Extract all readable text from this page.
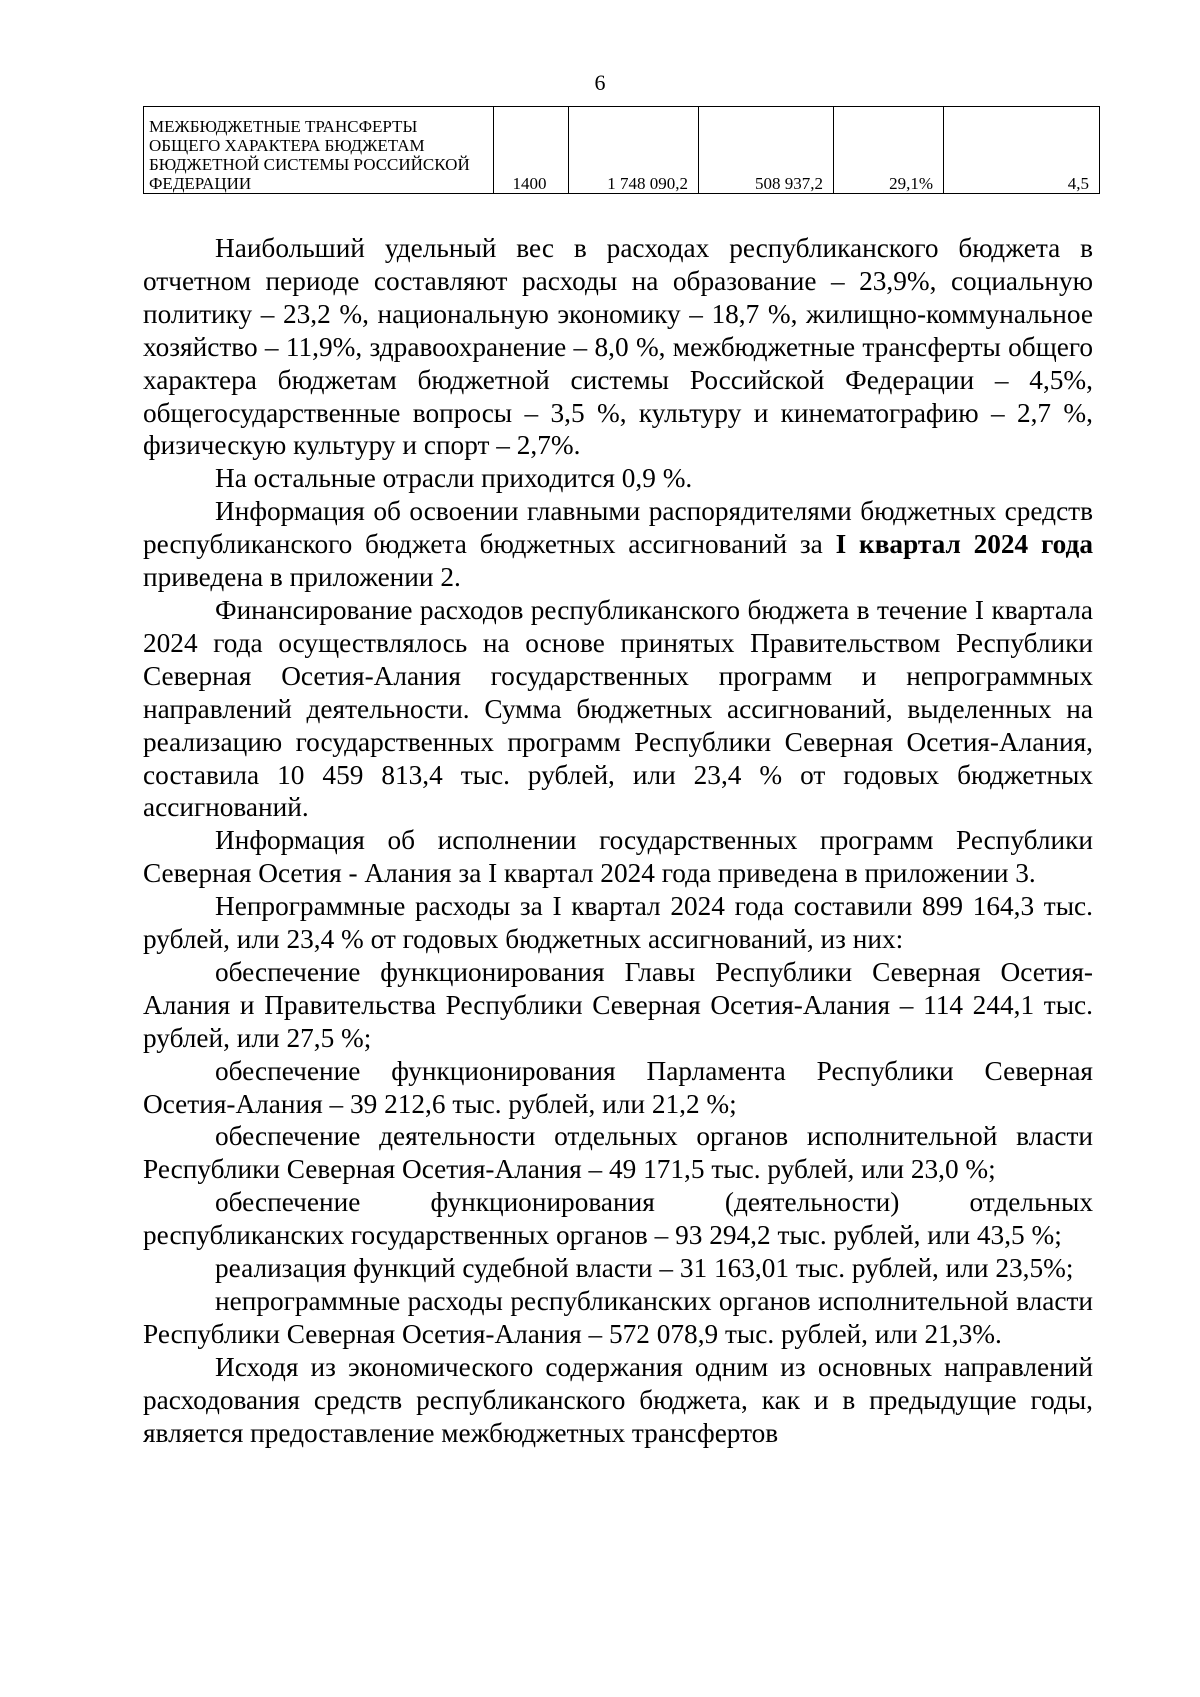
6
МЕЖБЮДЖЕТНЫЕ ТРАНСФЕРТЫ ОБЩЕГО ХАРАКТЕРА БЮДЖЕТАМ БЮДЖЕТНОЙ СИСТЕМЫ РОССИЙСКОЙ ФЕДЕРАЦИИ	1400	1 748 090,2	508 937,2	29,1%	4,5

Наибольший удельный вес в расходах республиканского бюджета в отчетном периоде составляют расходы на образование – 23,9%, социальную политику – 23,2 %, национальную экономику – 18,7 %, жилищно-коммунальное хозяйство – 11,9%, здравоохранение – 8,0 %, межбюджетные трансферты общего характера бюджетам бюджетной системы Российской Федерации – 4,5%, общегосударственные вопросы – 3,5 %, культуру и кинематографию – 2,7 %, физическую культуру и спорт – 2,7%.

На остальные отрасли приходится 0,9 %.

Информация об освоении главными распорядителями бюджетных средств республиканского бюджета бюджетных ассигнований за I квартал 2024 года приведена в приложении 2.

Финансирование расходов республиканского бюджета в течение I квартала 2024 года осуществлялось на основе принятых Правительством Республики Северная Осетия-Алания государственных программ и непрограммных направлений деятельности. Сумма бюджетных ассигнований, выделенных на реализацию государственных программ Республики Северная Осетия-Алания, составила 10 459 813,4 тыс. рублей, или 23,4 % от годовых бюджетных ассигнований.

Информация об исполнении государственных программ Республики Северная Осетия - Алания за I квартал 2024 года приведена в приложении 3.

Непрограммные расходы за I квартал 2024 года составили 899 164,3 тыс. рублей, или 23,4 % от годовых бюджетных ассигнований, из них:

обеспечение функционирования Главы Республики Северная Осетия-Алания и Правительства Республики Северная Осетия-Алания – 114 244,1 тыс. рублей, или 27,5 %;

обеспечение функционирования Парламента Республики Северная Осетия-Алания – 39 212,6 тыс. рублей, или 21,2 %;

обеспечение деятельности отдельных органов исполнительной власти Республики Северная Осетия-Алания – 49 171,5 тыс. рублей, или 23,0 %;

обеспечение функционирования (деятельности) отдельных республиканских государственных органов – 93 294,2 тыс. рублей, или 43,5 %;

реализация функций судебной власти – 31 163,01 тыс. рублей, или 23,5%;

непрограммные расходы республиканских органов исполнительной власти Республики Северная Осетия-Алания – 572 078,9 тыс. рублей, или 21,3%.

Исходя из экономического содержания одним из основных направлений расходования средств республиканского бюджета, как и в предыдущие годы, является предоставление межбюджетных трансфертов
